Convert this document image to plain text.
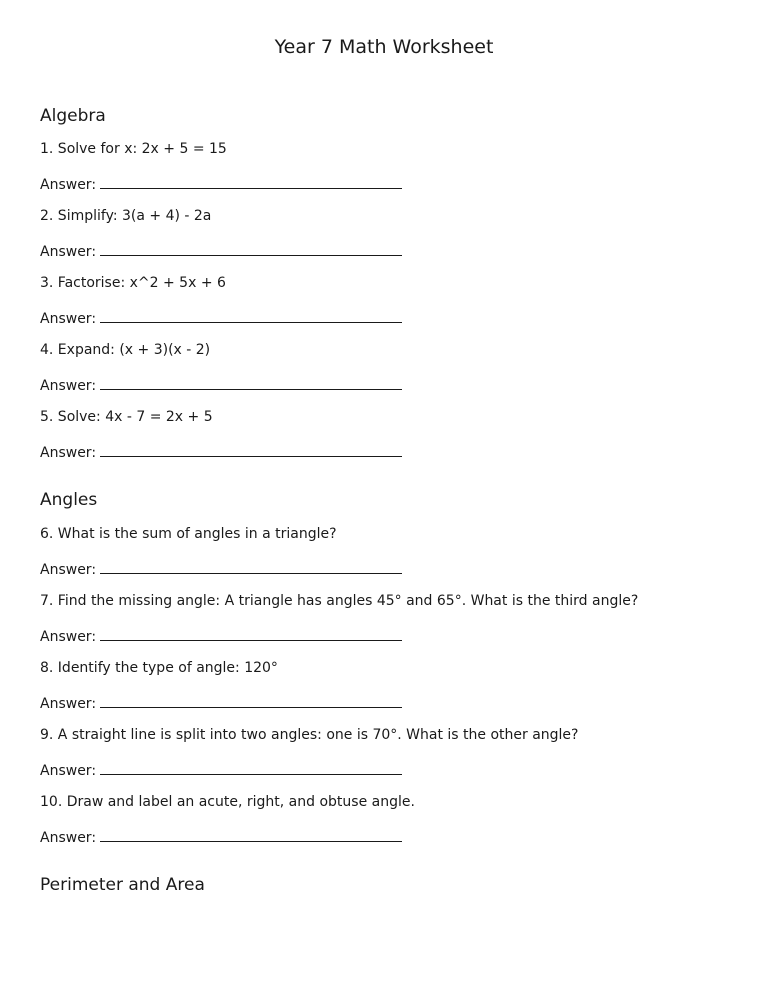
Year 7 Math Worksheet
Algebra

1. Solve for x: 2x + 5 = 15

Answer:

2. Simplify: 3(a + 4) - 2a

Answer:

3. Factorise: x^2 + 5x + 6

Answer:

4. Expand: (x + 3)(x - 2)

Answer:

5. Solve: 4x - 7 = 2x + 5

Answer:

Angles

6. What is the sum of angles in a triangle?

Answer:

7. Find the missing angle: A triangle has angles 45° and 65°. What is the third angle?

Answer:

8. Identify the type of angle: 120°

Answer:

9. A straight line is split into two angles: one is 70°. What is the other angle?

Answer:

10. Draw and label an acute, right, and obtuse angle.

Answer:

Perimeter and Area
